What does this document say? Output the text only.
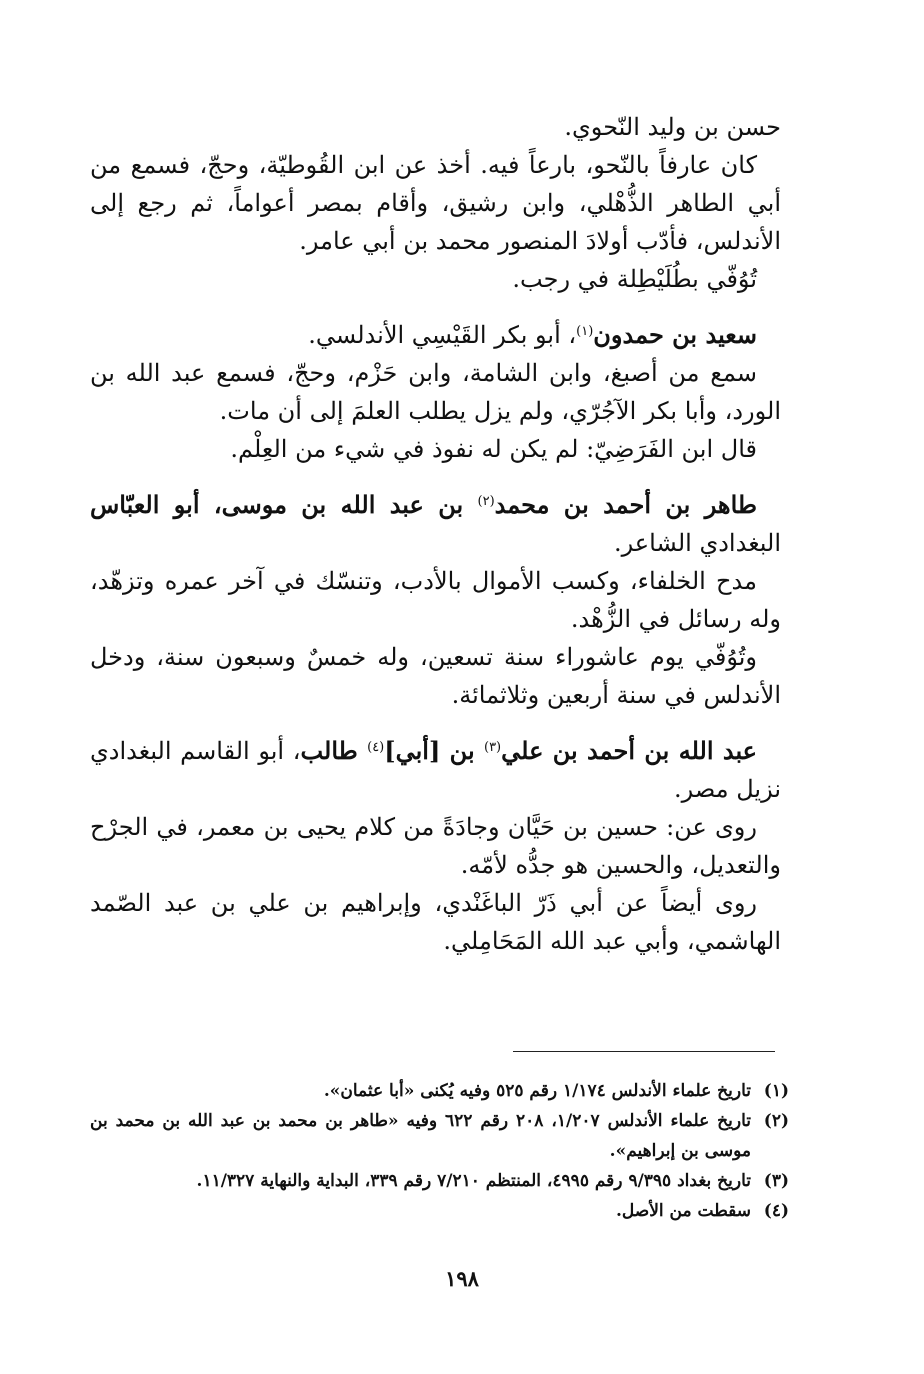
حسن بن وليد النّحوي.

كان عارفاً بالنّحو، بارعاً فيه. أخذ عن ابن القُوطيّة، وحجّ، فسمع من أبي الطاهر الذُّهْلي، وابن رشيق، وأقام بمصر أعواماً، ثم رجع إلى الأندلس، فأدّب أولادَ المنصور محمد بن أبي عامر.

تُوُفّي بطُلَيْطِلة في رجب.

سعيد بن حمدون$^{(١)}$، أبو بكر القَيْسِي الأندلسي.

سمع من أصبغ، وابن الشامة، وابن حَزْم، وحجّ، فسمع عبد الله بن الورد، وأبا بكر الآجُرّي، ولم يزل يطلب العلمَ إلى أن مات.

قال ابن الفَرَضِيّ: لم يكن له نفوذ في شيء من العِلْم.

طاهر بن أحمد بن محمد$^{(٢)}$ بن عبد الله بن موسى، أبو العبّاس البغدادي الشاعر.

مدح الخلفاء، وكسب الأموال بالأدب، وتنسّك في آخر عمره وتزهّد، وله رسائل في الزُّهْد.

وتُوُفّي يوم عاشوراء سنة تسعين، وله خمسٌ وسبعون سنة، ودخل الأندلس في سنة أربعين وثلاثمائة.

عبد الله بن أحمد بن علي$^{(٣)}$ بن [أبي]$^{(٤)}$ طالب، أبو القاسم البغدادي نزيل مصر.

روى عن: حسين بن حَيَّان وجادَةً من كلام يحيى بن معمر، في الجرْح والتعديل، والحسين هو جدُّه لأمّه.

روى أيضاً عن أبي ذَرّ الباغَنْدي، وإبراهيم بن علي بن عبد الصّمد الهاشمي، وأبي عبد الله المَحَامِلي.

(١)
تاريخ علماء الأندلس ١/١٧٤ رقم ٥٢٥ وفيه يُكنى «أبا عثمان».
(٢)
تاريخ علماء الأندلس ١/٢٠٧، ٢٠٨ رقم ٦٢٢ وفيه «طاهر بن محمد بن عبد الله بن محمد بن موسى بن إبراهيم».
(٣)
تاريخ بغداد ٩/٣٩٥ رقم ٤٩٩٥، المنتظم ٧/٢١٠ رقم ٣٣٩، البداية والنهاية ١١/٣٢٧.
(٤)
سقطت من الأصل.
١٩٨
